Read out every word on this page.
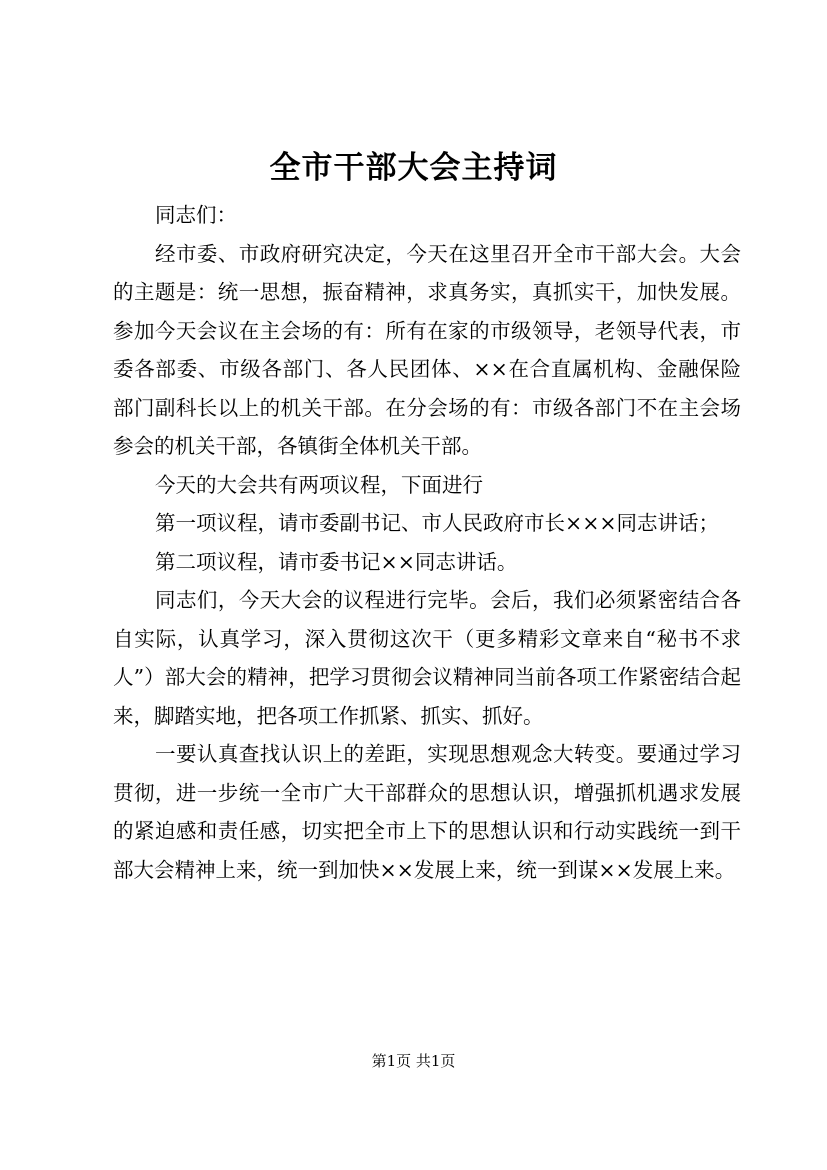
全市干部大会主持词

同志们：

经市委、市政府研究决定，今天在这里召开全市干部大会。大会的主题是：统一思想，振奋精神，求真务实，真抓实干，加快发展。参加今天会议在主会场的有：所有在家的市级领导，老领导代表，市委各部委、市级各部门、各人民团体、××在合直属机构、金融保险部门副科长以上的机关干部。在分会场的有：市级各部门不在主会场参会的机关干部，各镇街全体机关干部。

今天的大会共有两项议程，下面进行

第一项议程，请市委副书记、市人民政府市长×××同志讲话；

第二项议程，请市委书记××同志讲话。

同志们，今天大会的议程进行完毕。会后，我们必须紧密结合各自实际，认真学习，深入贯彻这次干（更多精彩文章来自“秘书不求人”）部大会的精神，把学习贯彻会议精神同当前各项工作紧密结合起来，脚踏实地，把各项工作抓紧、抓实、抓好。

一要认真查找认识上的差距，实现思想观念大转变。要通过学习贯彻，进一步统一全市广大干部群众的思想认识，增强抓机遇求发展的紧迫感和责任感，切实把全市上下的思想认识和行动实践统一到干部大会精神上来，统一到加快××发展上来，统一到谋××发展上来。

第1页 共1页
